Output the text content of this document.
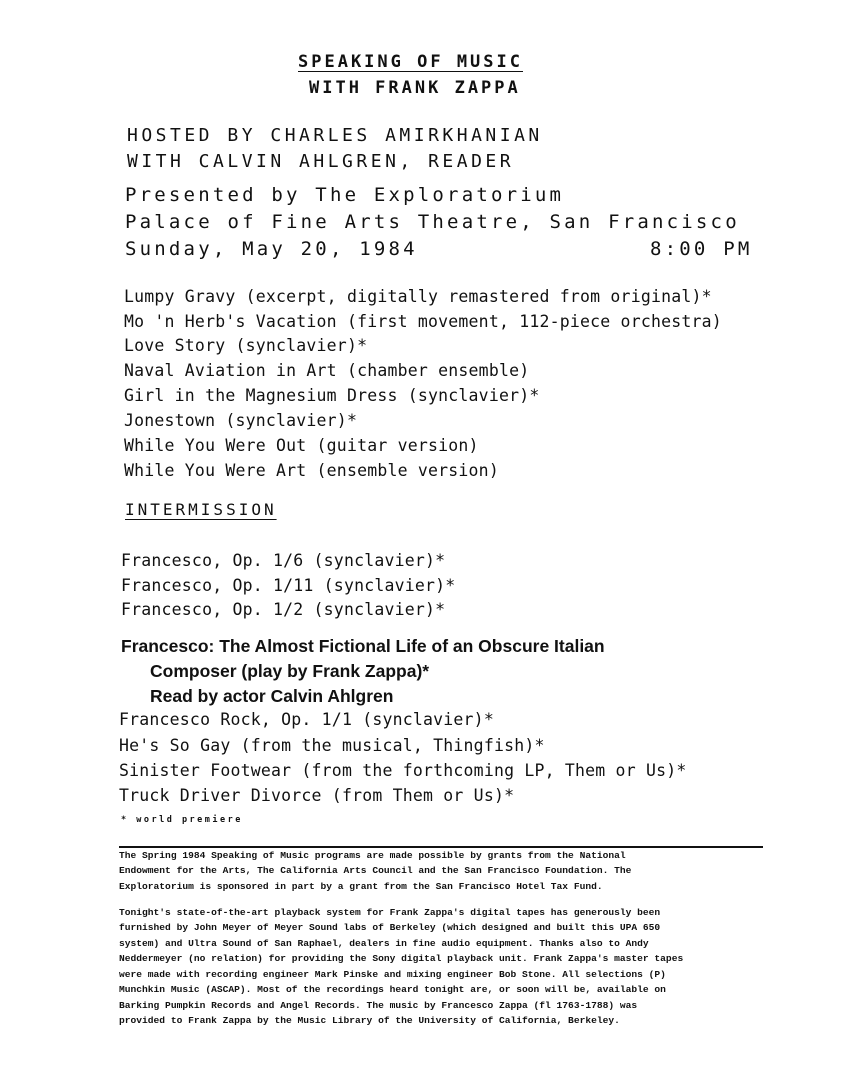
SPEAKING OF MUSIC
WITH FRANK ZAPPA
HOSTED BY CHARLES AMIRKHANIAN
WITH CALVIN AHLGREN, READER
Presented by The Exploratorium
Palace of Fine Arts Theatre, San Francisco
Sunday, May 20, 1984	8:00 PM
Lumpy Gravy (excerpt, digitally remastered from original)*
Mo 'n Herb's Vacation (first movement, 112-piece orchestra)
Love Story (synclavier)*
Naval Aviation in Art (chamber ensemble)
Girl in the Magnesium Dress (synclavier)*
Jonestown (synclavier)*
While You Were Out (guitar version)
While You Were Art (ensemble version)
INTERMISSION
Francesco, Op. 1/6 (synclavier)*
Francesco, Op. 1/11 (synclavier)*
Francesco, Op. 1/2 (synclavier)*
Francesco: The Almost Fictional Life of an Obscure Italian
Composer (play by Frank Zappa)*
Read by actor Calvin Ahlgren
Francesco Rock, Op. 1/1 (synclavier)*
He's So Gay (from the musical, Thingfish)*
Sinister Footwear (from the forthcoming LP, Them or Us)*
Truck Driver Divorce (from Them or Us)*
* world premiere
The Spring 1984 Speaking of Music programs are made possible by grants from the National
Endowment for the Arts, The California Arts Council and the San Francisco Foundation. The
Exploratorium is sponsored in part by a grant from the San Francisco Hotel Tax Fund.
Tonight's state-of-the-art playback system for Frank Zappa's digital tapes has generously been
furnished by John Meyer of Meyer Sound labs of Berkeley (which designed and built this UPA 650
system) and Ultra Sound of San Raphael, dealers in fine audio equipment. Thanks also to Andy
Neddermeyer (no relation) for providing the Sony digital playback unit. Frank Zappa's master tapes
were made with recording engineer Mark Pinske and mixing engineer Bob Stone. All selections (P)
Munchkin Music (ASCAP). Most of the recordings heard tonight are, or soon will be, available on
Barking Pumpkin Records and Angel Records. The music by Francesco Zappa (fl 1763-1788) was
provided to Frank Zappa by the Music Library of the University of California, Berkeley.
